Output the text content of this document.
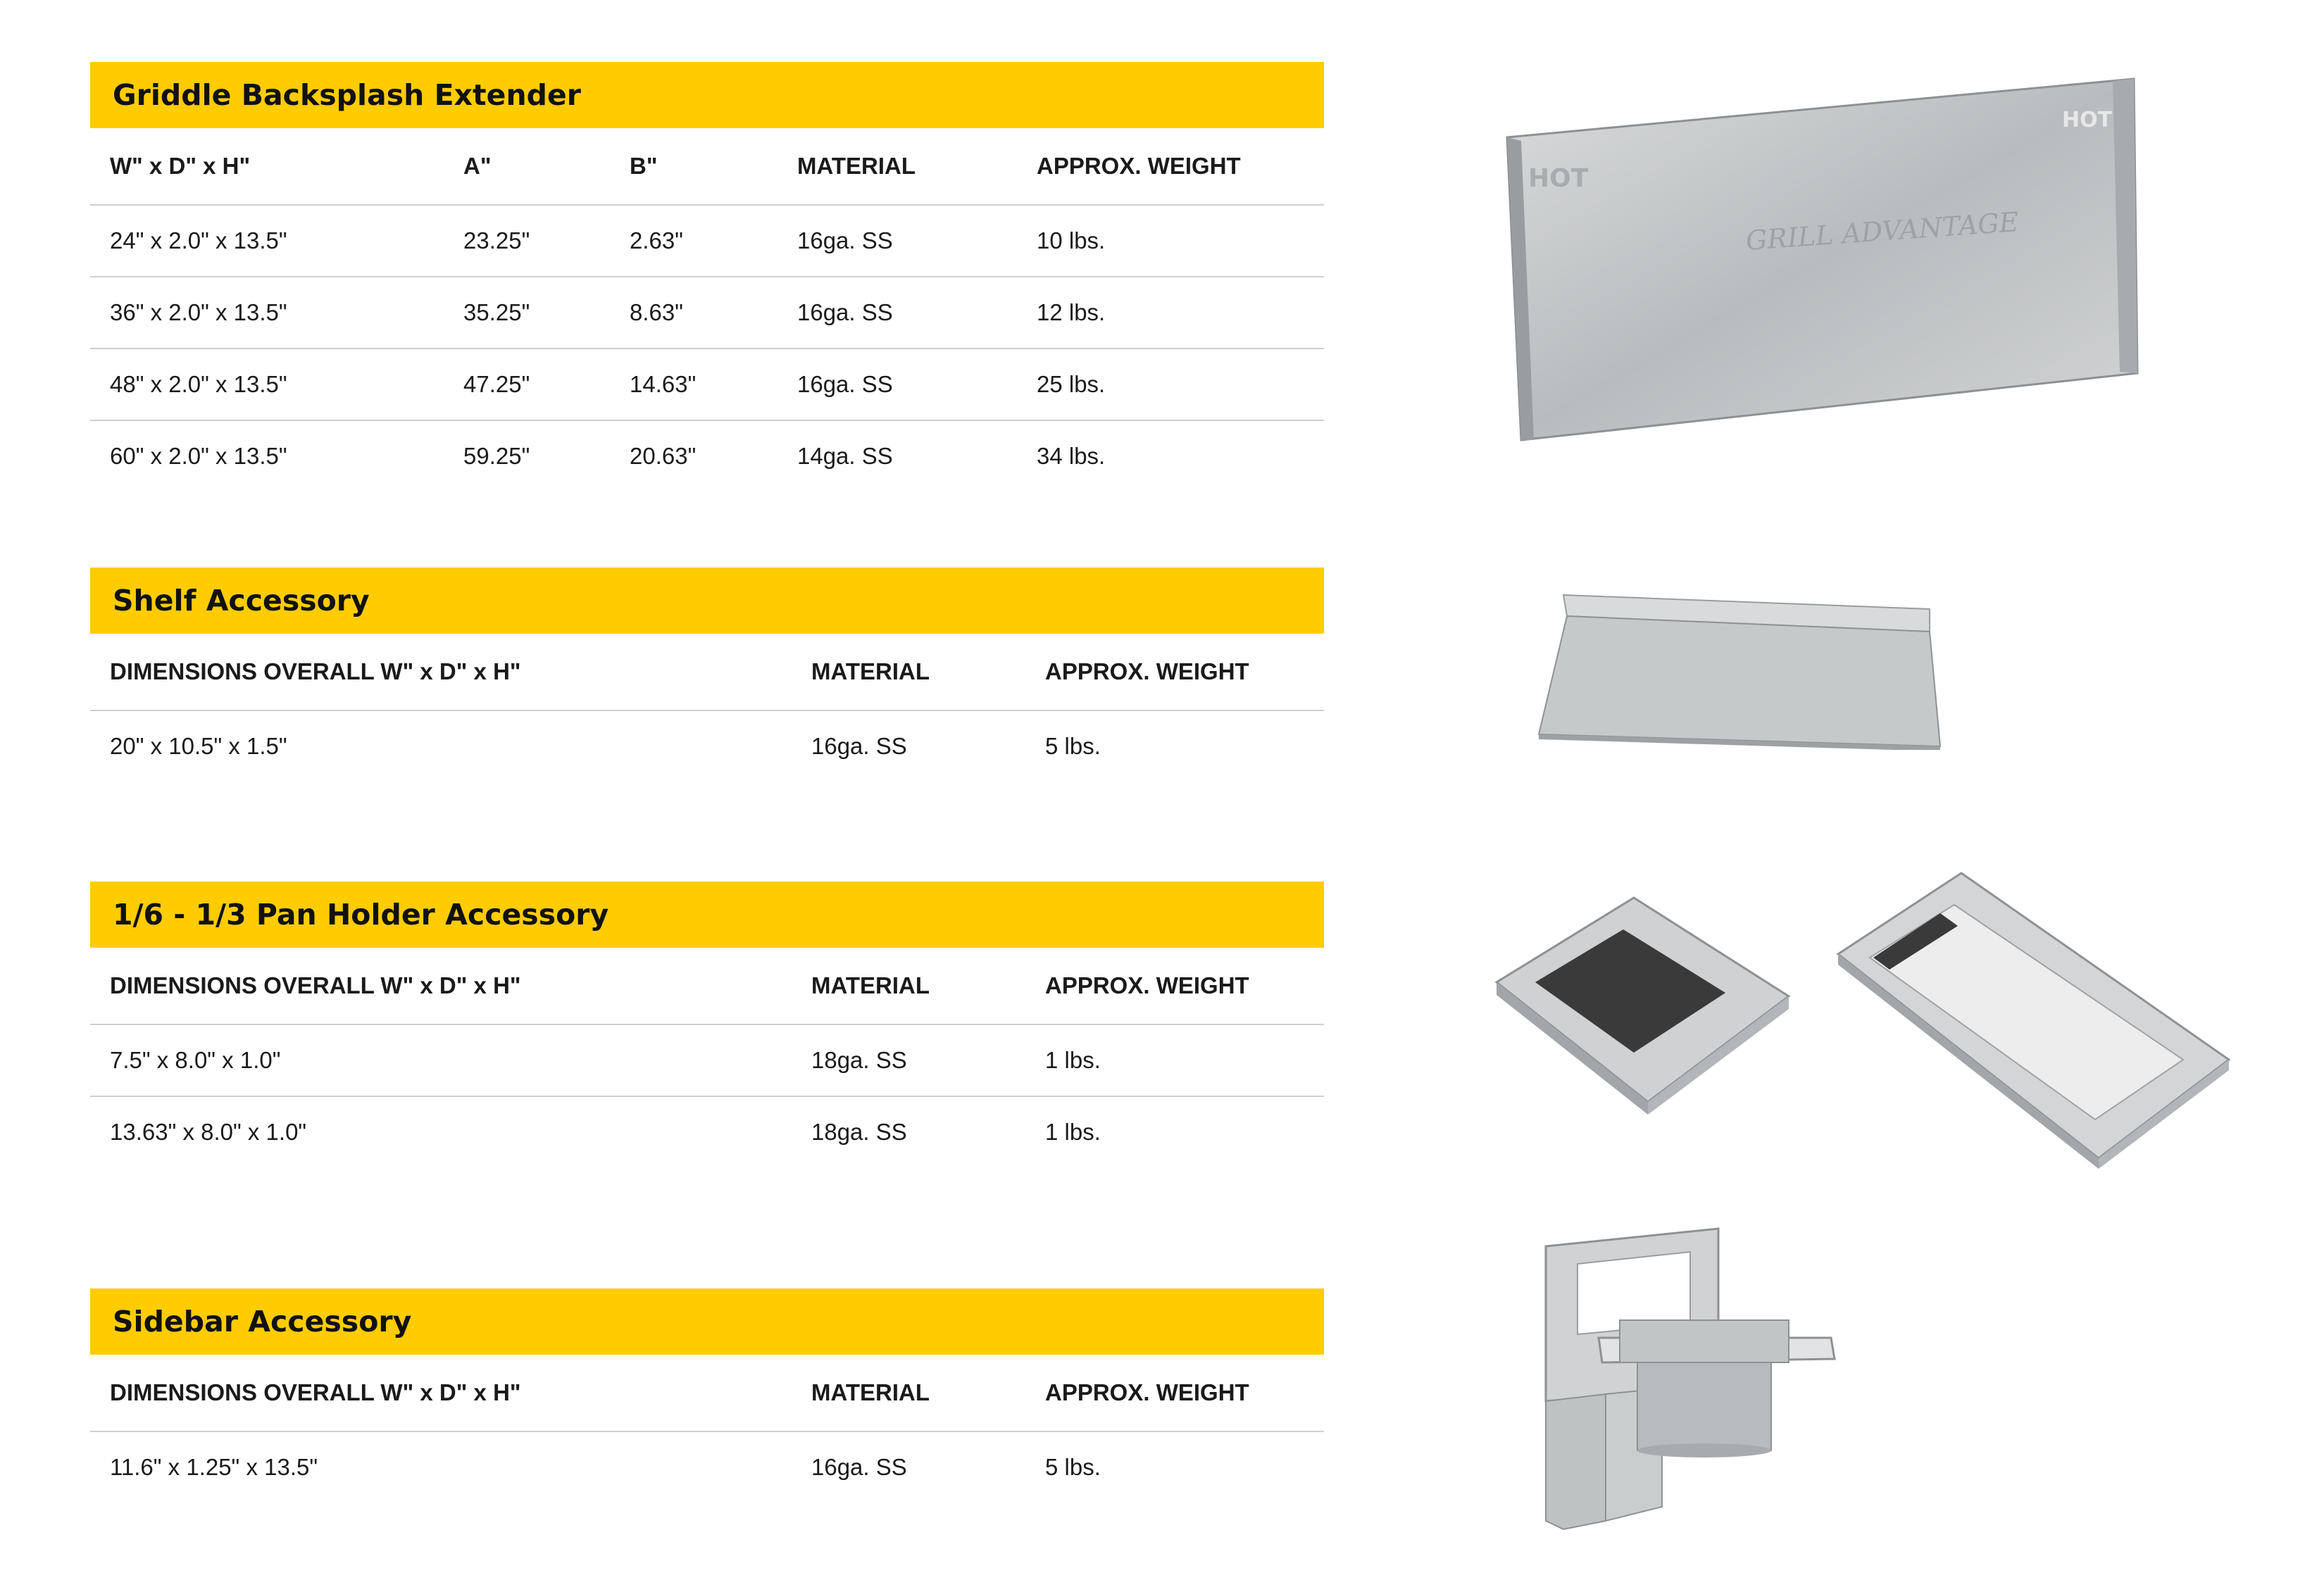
Griddle Backsplash Extender
W" x D" x H"	A"	B"	MATERIAL	APPROX. WEIGHT
24" x 2.0" x 13.5"	23.25"	2.63"	16ga. SS	10 lbs.
36" x 2.0" x 13.5"	35.25"	8.63"	16ga. SS	12 lbs.
48" x 2.0" x 13.5"	47.25"	14.63"	16ga. SS	25 lbs.
60" x 2.0" x 13.5"	59.25"	20.63"	14ga. SS	34 lbs.
Shelf Accessory
DIMENSIONS OVERALL W" x D" x H"	MATERIAL	APPROX. WEIGHT
20" x 10.5" x 1.5"	16ga. SS	5 lbs.
1/6 - 1/3 Pan Holder Accessory
DIMENSIONS OVERALL W" x D" x H"	MATERIAL	APPROX. WEIGHT
7.5" x 8.0" x 1.0"	18ga. SS	1 lbs.
13.63" x 8.0" x 1.0"	18ga. SS	1 lbs.
Sidebar Accessory
DIMENSIONS OVERALL W" x D" x H"	MATERIAL	APPROX. WEIGHT
11.6" x 1.25" x 13.5"	16ga. SS	5 lbs.
HOT
HOT
GRILL ADVANTAGE
